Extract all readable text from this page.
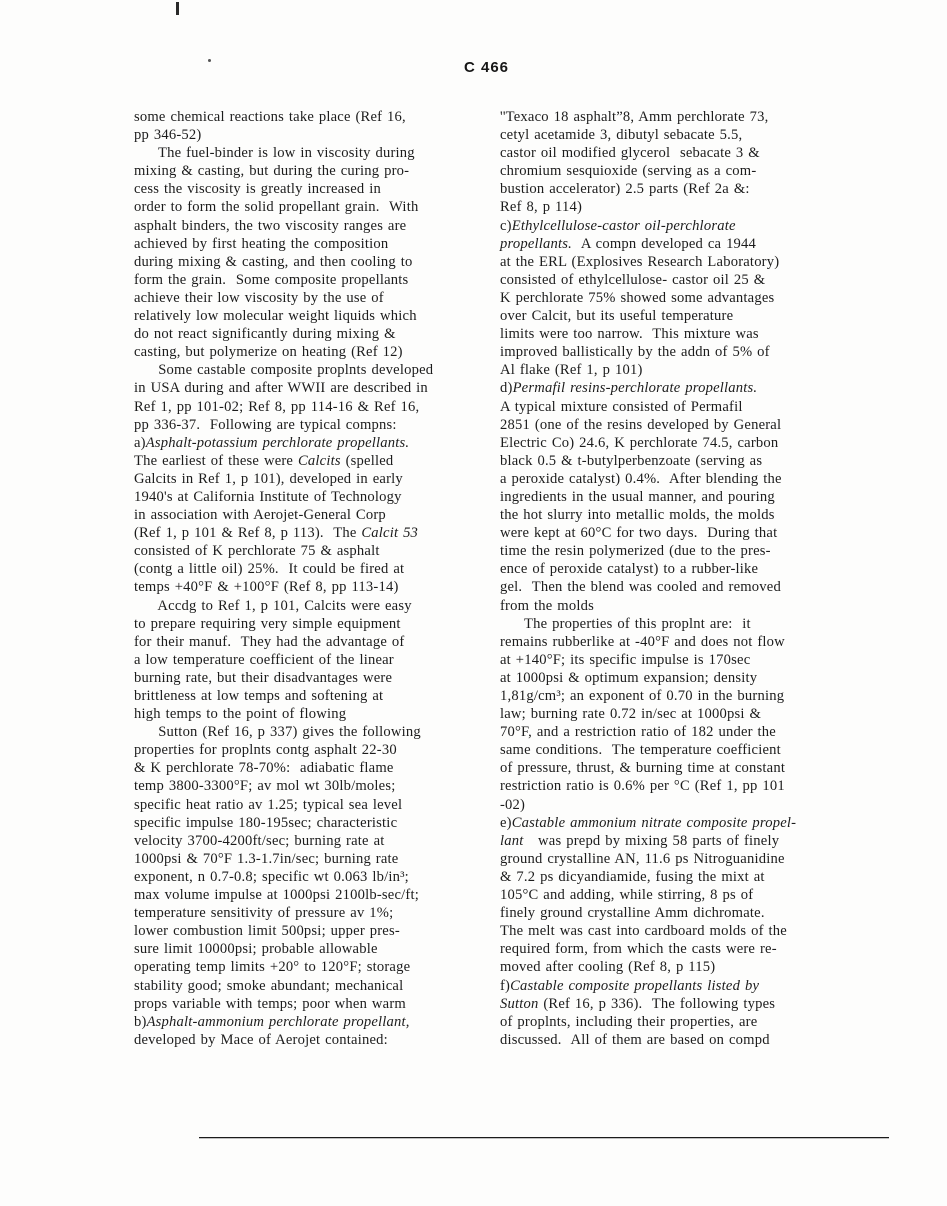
C 466
some chemical reactions take place (Ref 16,
pp 346-52)
The fuel-binder is low in viscosity during
mixing & casting, but during the curing pro-
cess the viscosity is greatly increased in
order to form the solid propellant grain.  With
asphalt binders, the two viscosity ranges are
achieved by first heating the composition
during mixing & casting, and then cooling to
form the grain.  Some composite propellants
achieve their low viscosity by the use of
relatively low molecular weight liquids which
do not react significantly during mixing &
casting, but polymerize on heating (Ref 12)
Some castable composite proplnts developed
in USA during and after WWII are described in
Ref 1, pp 101-02; Ref 8, pp 114-16 & Ref 16,
pp 336-37.  Following are typical compns:
a)Asphalt-potassium perchlorate propellants.
The earliest of these were Calcits (spelled
Galcits in Ref 1, p 101), developed in early
1940's at California Institute of Technology
in association with Aerojet-General Corp
(Ref 1, p 101 & Ref 8, p 113).  The Calcit 53
consisted of K perchlorate 75 & asphalt
(contg a little oil) 25%.  It could be fired at
temps +40°F & +100°F (Ref 8, pp 113-14)
Accdg to Ref 1, p 101, Calcits were easy
to prepare requiring very simple equipment
for their manuf.  They had the advantage of
a low temperature coefficient of the linear
burning rate, but their disadvantages were
brittleness at low temps and softening at
high temps to the point of flowing
Sutton (Ref 16, p 337) gives the following
properties for proplnts contg asphalt 22-30
& K perchlorate 78-70%:  adiabatic flame
temp 3800-3300°F; av mol wt 30lb/moles;
specific heat ratio av 1.25; typical sea level
specific impulse 180-195sec; characteristic
velocity 3700-4200ft/sec; burning rate at
1000psi & 70°F 1.3-1.7in/sec; burning rate
exponent, n 0.7-0.8; specific wt 0.063 lb/in³;
max volume impulse at 1000psi 2100lb-sec/ft;
temperature sensitivity of pressure av 1%;
lower combustion limit 500psi; upper pres-
sure limit 10000psi; probable allowable
operating temp limits +20° to 120°F; storage
stability good; smoke abundant; mechanical
props variable with temps; poor when warm
b)Asphalt-ammonium perchlorate propellant,
developed by Mace of Aerojet contained:
''Texaco 18 asphalt”8, Amm perchlorate 73,
cetyl acetamide 3, dibutyl sebacate 5.5,
castor oil modified glycerol  sebacate 3 &
chromium sesquioxide (serving as a com-
bustion accelerator) 2.5 parts (Ref 2a &:
Ref 8, p 114)
c)Ethylcellulose-castor oil-perchlorate
propellants.  A compn developed ca 1944
at the ERL (Explosives Research Laboratory)
consisted of ethylcellulose- castor oil 25 &
K perchlorate 75% showed some advantages
over Calcit, but its useful temperature
limits were too narrow.  This mixture was
improved ballistically by the addn of 5% of
Al flake (Ref 1, p 101)
d)Permafil resins-perchlorate propellants.
A typical mixture consisted of Permafil
2851 (one of the resins developed by General
Electric Co) 24.6, K perchlorate 74.5, carbon
black 0.5 & t-butylperbenzoate (serving as
a peroxide catalyst) 0.4%.  After blending the
ingredients in the usual manner, and pouring
the hot slurry into metallic molds, the molds
were kept at 60°C for two days.  During that
time the resin polymerized (due to the pres-
ence of peroxide catalyst) to a rubber-like
gel.  Then the blend was cooled and removed
from the molds
The properties of this proplnt are:  it
remains rubberlike at -40°F and does not flow
at +140°F; its specific impulse is 170sec
at 1000psi & optimum expansion; density
1,81g/cm³; an exponent of 0.70 in the burning
law; burning rate 0.72 in/sec at 1000psi &
70°F, and a restriction ratio of 182 under the
same conditions.  The temperature coefficient
of pressure, thrust, & burning time at constant
restriction ratio is 0.6% per °C (Ref 1, pp 101
-02)
e)Castable ammonium nitrate composite propel-
lant   was prepd by mixing 58 parts of finely
ground crystalline AN, 11.6 ps Nitroguanidine
& 7.2 ps dicyandiamide, fusing the mixt at
105°C and adding, while stirring, 8 ps of
finely ground crystalline Amm dichromate.
The melt was cast into cardboard molds of the
required form, from which the casts were re-
moved after cooling (Ref 8, p 115)
f)Castable composite propellants listed by
Sutton (Ref 16, p 336).  The following types
of proplnts, including their properties, are
discussed.  All of them are based on compd
